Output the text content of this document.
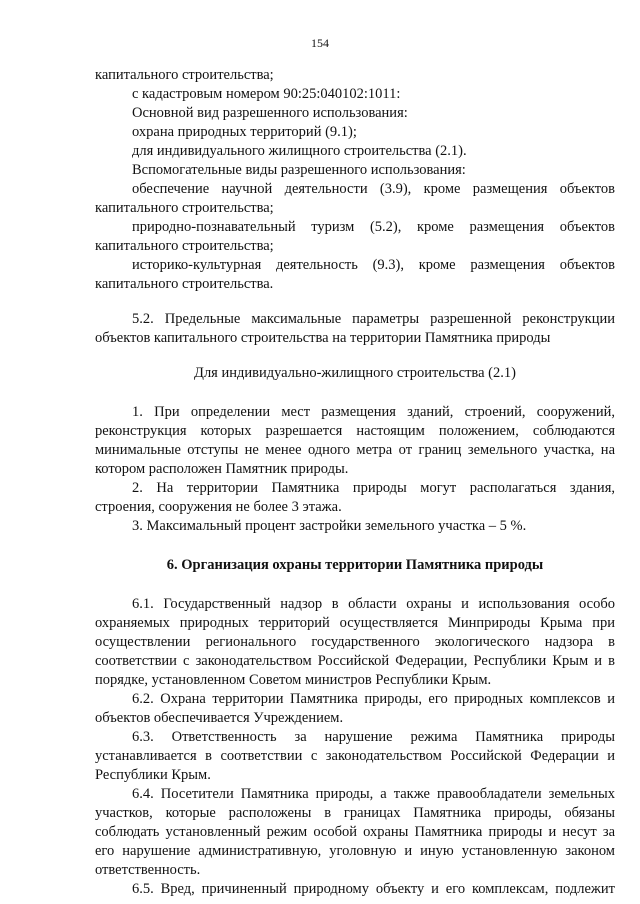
154

капитального строительства;

с кадастровым номером 90:25:040102:1011:

Основной вид разрешенного использования:

охрана природных территорий (9.1);

для индивидуального жилищного строительства (2.1).

Вспомогательные виды разрешенного использования:

обеспечение научной деятельности (3.9), кроме размещения объектов

капитального строительства;

природно-познавательный туризм (5.2), кроме размещения объектов

капитального строительства;

историко-культурная деятельность (9.3), кроме размещения объектов

капитального строительства.

5.2. Предельные максимальные параметры разрешенной реконструкции

объектов капитального строительства на территории Памятника природы

Для индивидуально-жилищного строительства (2.1)

1. При определении мест размещения зданий, строений, сооружений,

реконструкция которых разрешается настоящим положением, соблюдаются

минимальные отступы не менее одного метра от границ земельного участка, на

котором расположен Памятник природы.

2. На территории Памятника природы могут располагаться здания,

строения, сооружения не более 3 этажа.

3. Максимальный процент застройки земельного участка – 5 %.

6. Организация охраны территории Памятника природы

6.1. Государственный надзор в области охраны и использования особо

охраняемых природных территорий осуществляется Минприроды Крыма при

осуществлении регионального государственного экологического надзора в

соответствии с законодательством Российской Федерации, Республики Крым и в

порядке, установленном Советом министров Республики Крым.

6.2. Охрана территории Памятника природы, его природных комплексов и

объектов обеспечивается Учреждением.

6.3. Ответственность за нарушение режима Памятника природы

устанавливается в соответствии с законодательством Российской Федерации и

Республики Крым.

6.4. Посетители Памятника природы, а также правообладатели земельных

участков, которые расположены в границах Памятника природы, обязаны

соблюдать установленный режим особой охраны Памятника природы и несут за

его нарушение административную, уголовную и иную установленную законом

ответственность.

6.5. Вред, причиненный природному объекту и его комплексам, подлежит
